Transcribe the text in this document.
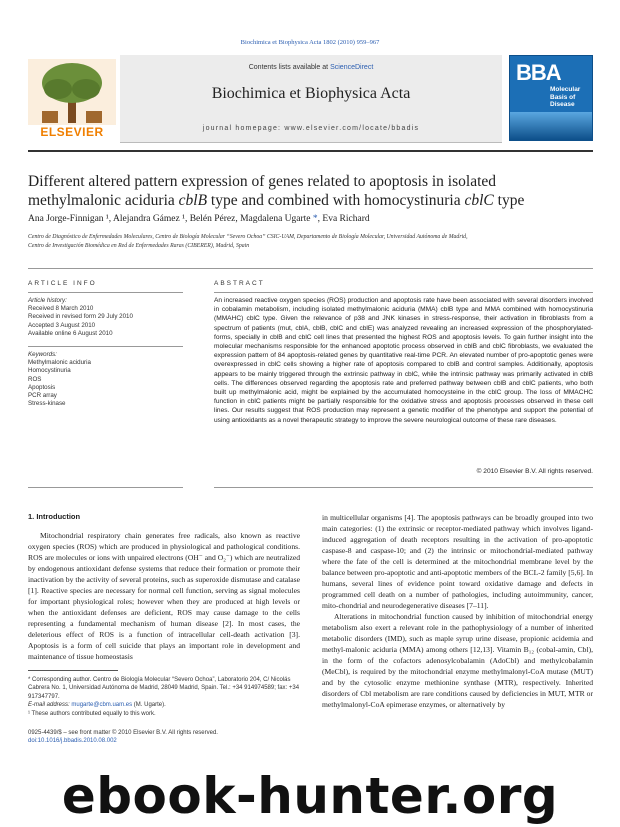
Biochimica et Biophysica Acta 1802 (2010) 959–967
ELSEVIER
Contents lists available at ScienceDirect
Biochimica et Biophysica Acta
journal homepage: www.elsevier.com/locate/bbadis
BBA
Molecular
Basis of
Disease
Different altered pattern expression of genes related to apoptosis in isolated
methylmalonic aciduria cblB type and combined with homocystinuria cblC type
Ana Jorge-Finnigan ¹, Alejandra Gámez ¹, Belén Pérez, Magdalena Ugarte *, Eva Richard
Centro de Diagnóstico de Enfermedades Moleculares, Centro de Biología Molecular “Severo Ochoa” CSIC-UAM, Departamento de Biología Molecular, Universidad Autónoma de Madrid,
Centro de Investigación Biomédica en Red de Enfermedades Raras (CIBERER), Madrid, Spain
ARTICLE INFO	ABSTRACT
Article history:
Received 8 March 2010
Received in revised form 29 July 2010
Accepted 3 August 2010
Available online 6 August 2010
Keywords:
Methylmalonic aciduria
Homocystinuria
ROS
Apoptosis
PCR array
Stress-kinase
An increased reactive oxygen species (ROS) production and apoptosis rate have been associated with several disorders involved in cobalamin metabolism, including isolated methylmalonic aciduria (MMA) cblB type and MMA combined with homocystinuria (MMAHC) cblC type. Given the relevance of p38 and JNK kinases in stress-response, their activation in fibroblasts from a spectrum of patients (mut, cblA, cblB, cblC and cblE) was analyzed revealing an increased expression of the phosphorylated-forms, specially in cblB and cblC cell lines that presented the highest ROS and apoptosis levels. To gain further insight into the molecular mechanisms responsible for the enhanced apoptotic process observed in cblB and cblC fibroblasts, we evaluated the expression pattern of 84 apoptosis-related genes by quantitative real-time PCR. An elevated number of pro-apoptotic genes were overexpressed in cblC cells showing a higher rate of apoptosis compared to cblB and control samples. Additionally, apoptosis appears to be mainly triggered through the extrinsic pathway in cblC, while the intrinsic pathway was primarily activated in cblB cells. The differences observed regarding the apoptosis rate and preferred pathway between cblB and cblC patients, who both built up methylmalonic acid, might be explained by the accumulated homocysteine in the cblC group. The loss of MMACHC function in cblC patients might be partially responsible for the oxidative stress and apoptosis processes observed in these cell lines. Our results suggest that ROS production may represent a genetic modifier of the phenotype and support the potential of using antioxidants as a novel therapeutic strategy to improve the severe neurological outcome of these rare diseases.
© 2010 Elsevier B.V. All rights reserved.
1. Introduction

Mitochondrial respiratory chain generates free radicals, also known as reactive oxygen species (ROS) which are produced in physiological and pathological conditions. ROS are molecules or ions with unpaired electrons (OH⁻ and O₂⁻) which are neutralized by endogenous antioxidant defense systems that reduce their formation or promote their inactivation by the activity of several proteins, such as superoxide dismutase and catalase [1]. Reactive species are necessary for normal cell function, serving as signal molecules for important physiological roles; however when they are produced at high levels or when the antioxidant defenses are deficient, ROS may cause damage to the cells representing a fundamental mechanism of human disease [2]. In most cases, the deleterious effect of ROS is a function of intracellular cell-death activation [3]. Apoptosis is a form of cell suicide that plays an important role in development and maintenance of tissue homeostasis

in multicellular organisms [4]. The apoptosis pathways can be broadly grouped into two main categories: (1) the extrinsic or receptor-mediated pathway which involves ligand-induced aggregation of death receptors resulting in the activation of pro-apoptotic caspase-8 and caspase-10; and (2) the intrinsic or mitochondrial-mediated pathway where the fate of the cell is determined at the mitochondrial membrane level by the balance between pro-apoptotic and anti-apoptotic members of the BCL-2 family [5,6]. In humans, several lines of evidence point toward oxidative damage and defects in programmed cell death on a number of pathologies, including autoimmunity, cancer, mito-chondrial and neurodegenerative diseases [7–11].

Alterations in mitochondrial function caused by inhibition of mitochondrial energy metabolism also exert a relevant role in the pathophysiology of a number of inherited metabolic disorders (IMD), such as maple syrup urine disease, propionic acidemia and methyl-malonic aciduria (MMA) among others [12,13]. Vitamin B₁₂ (cobal-amin, Cbl), in the form of the cofactors adenosylcobalamin (AdoCbl) and methylcobalamin (MeCbl), is required by the mitochondrial enzyme methylmalonyl-CoA mutase (MUT) and by the cytosolic enzyme methionine synthase (MTR), respectively. Inherited disorders of Cbl metabolism are rare conditions caused by deficiencies in MUT, MTR or methylmalonyl-CoA epimerase enzymes, or alternatively by

* Corresponding author. Centro de Biología Molecular “Severo Ochoa”, Laboratorio 204, C/ Nicolás Cabrera No. 1, Universidad Autónoma de Madrid, 28049 Madrid, Spain. Tel.: +34 914974589; fax: +34 917347797.
E-mail address: mugarte@cbm.uam.es (M. Ugarte).
¹ These authors contributed equally to this work.
0925-4439/$ – see front matter © 2010 Elsevier B.V. All rights reserved.
doi:10.1016/j.bbadis.2010.08.002
ebook-hunter.org
